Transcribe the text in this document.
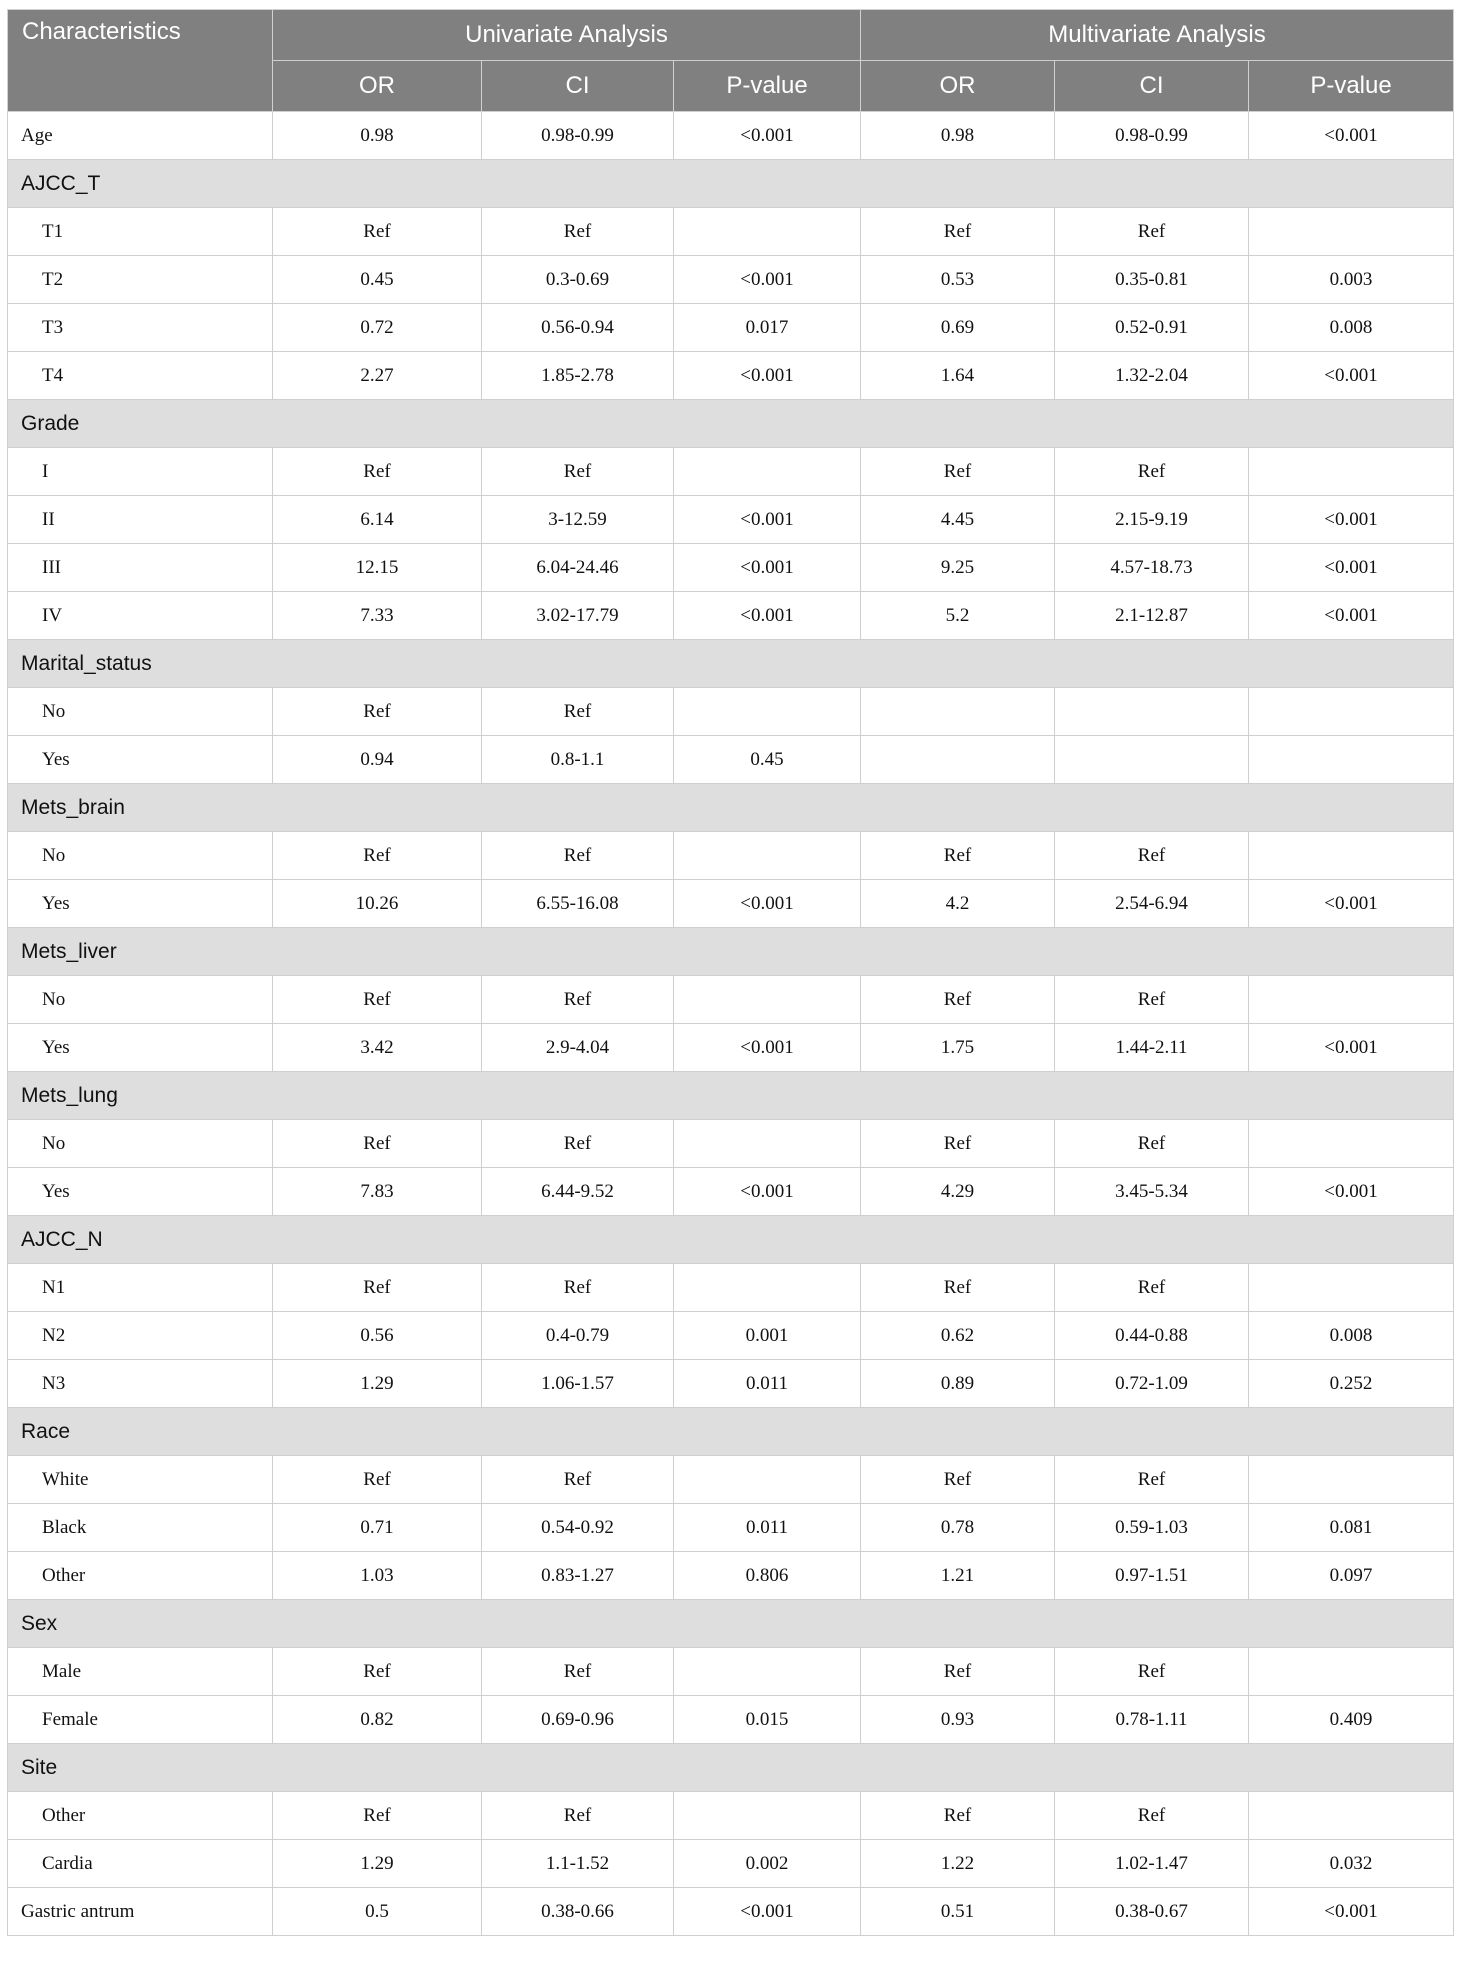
Characteristics	Univariate Analysis			Multivariate Analysis		
	OR	CI	P-value	OR	CI	P-value
Age	0.98	0.98-0.99	<0.001	0.98	0.98-0.99	<0.001
AJCC_T						
T1	Ref	Ref		Ref	Ref	
T2	0.45	0.3-0.69	<0.001	0.53	0.35-0.81	0.003
T3	0.72	0.56-0.94	0.017	0.69	0.52-0.91	0.008
T4	2.27	1.85-2.78	<0.001	1.64	1.32-2.04	<0.001
Grade						
I	Ref	Ref		Ref	Ref	
II	6.14	3-12.59	<0.001	4.45	2.15-9.19	<0.001
III	12.15	6.04-24.46	<0.001	9.25	4.57-18.73	<0.001
IV	7.33	3.02-17.79	<0.001	5.2	2.1-12.87	<0.001
Marital_status						
No	Ref	Ref				
Yes	0.94	0.8-1.1	0.45			
Mets_brain						
No	Ref	Ref		Ref	Ref	
Yes	10.26	6.55-16.08	<0.001	4.2	2.54-6.94	<0.001
Mets_liver						
No	Ref	Ref		Ref	Ref	
Yes	3.42	2.9-4.04	<0.001	1.75	1.44-2.11	<0.001
Mets_lung						
No	Ref	Ref		Ref	Ref	
Yes	7.83	6.44-9.52	<0.001	4.29	3.45-5.34	<0.001
AJCC_N						
N1	Ref	Ref		Ref	Ref	
N2	0.56	0.4-0.79	0.001	0.62	0.44-0.88	0.008
N3	1.29	1.06-1.57	0.011	0.89	0.72-1.09	0.252
Race						
White	Ref	Ref		Ref	Ref	
Black	0.71	0.54-0.92	0.011	0.78	0.59-1.03	0.081
Other	1.03	0.83-1.27	0.806	1.21	0.97-1.51	0.097
Sex						
Male	Ref	Ref		Ref	Ref	
Female	0.82	0.69-0.96	0.015	0.93	0.78-1.11	0.409
Site						
Other	Ref	Ref		Ref	Ref	
Cardia	1.29	1.1-1.52	0.002	1.22	1.02-1.47	0.032
Gastric antrum	0.5	0.38-0.66	<0.001	0.51	0.38-0.67	<0.001
